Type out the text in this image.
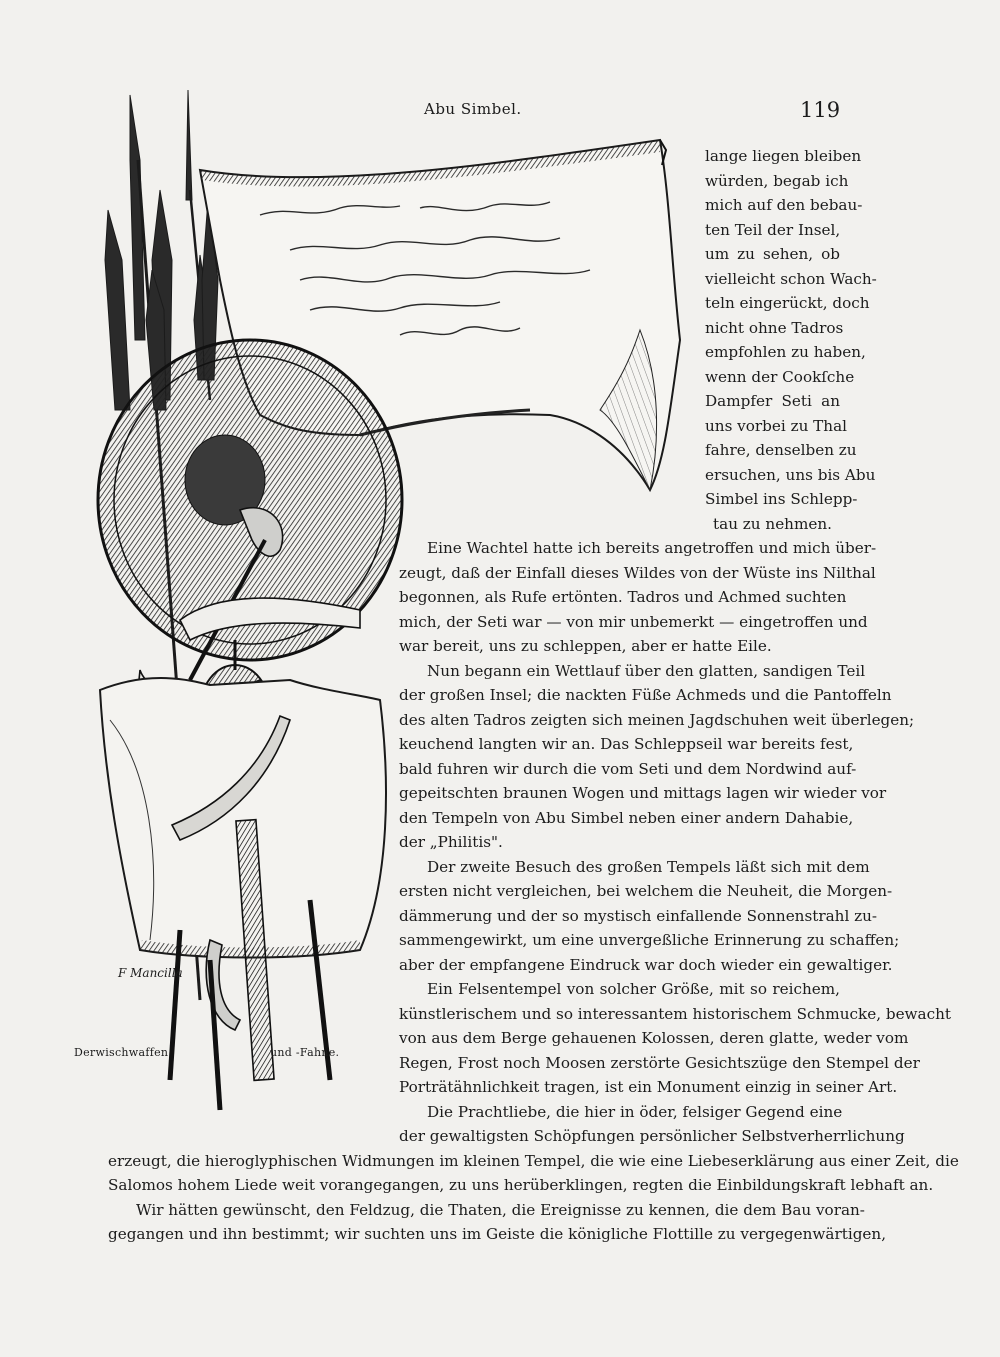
Abu Simbel.	119
Derwischwaffen	und -Fahne.
F Mancilla
lange liegen bleiben
würden, begab ich
mich auf den bebau-
ten Teil der Insel,
um zu sehen, ob
vielleicht schon Wach-
teln eingerückt, doch
nicht ohne Tadros
empfohlen zu haben,
wenn der Cookſche
Dampfer Seti an
uns vorbei zu Thal
fahre, denselben zu
ersuchen, uns bis Abu
Simbel ins Schlepp-
tau zu nehmen.
Eine Wachtel hatte ich bereits angetroffen und mich über-
zeugt, daß der Einfall dieses Wildes von der Wüste ins Nilthal
begonnen, als Rufe ertönten. Tadros und Achmed suchten
mich, der Seti war — von mir unbemerkt — eingetroffen und
war bereit, uns zu schleppen, aber er hatte Eile.
Nun begann ein Wettlauf über den glatten, sandigen Teil
der großen Insel; die nackten Füße Achmeds und die Pantoffeln
des alten Tadros zeigten sich meinen Jagdschuhen weit überlegen;
keuchend langten wir an. Das Schleppseil war bereits fest,
bald fuhren wir durch die vom Seti und dem Nordwind auf-
gepeitschten braunen Wogen und mittags lagen wir wieder vor
den Tempeln von Abu Simbel neben einer andern Dahabie,
der „Philitis".
Der zweite Besuch des großen Tempels läßt sich mit dem
ersten nicht vergleichen, bei welchem die Neuheit, die Morgen-
dämmerung und der so mystisch einfallende Sonnenstrahl zu-
sammengewirkt, um eine unvergeßliche Erinnerung zu schaffen;
aber der empfangene Eindruck war doch wieder ein gewaltiger.
Ein Felsentempel von solcher Größe, mit so reichem,
künstlerischem und so interessantem historischem Schmucke, bewacht
von aus dem Berge gehauenen Kolossen, deren glatte, weder vom
Regen, Frost noch Moosen zerstörte Gesichtszüge den Stempel der
Porträtähnlichkeit tragen, ist ein Monument einzig in seiner Art.
Die Prachtliebe, die hier in öder, felsiger Gegend eine
der gewaltigsten Schöpfungen persönlicher Selbstverherrlichung
erzeugt, die hieroglyphischen Widmungen im kleinen Tempel, die wie eine Liebeserklärung aus einer Zeit, die
Salomos hohem Liede weit vorangegangen, zu uns herüberklingen, regten die Einbildungskraft lebhaft an.
Wir hätten gewünscht, den Feldzug, die Thaten, die Ereignisse zu kennen, die dem Bau voran-
gegangen und ihn bestimmt; wir suchten uns im Geiste die königliche Flottille zu vergegenwärtigen,
